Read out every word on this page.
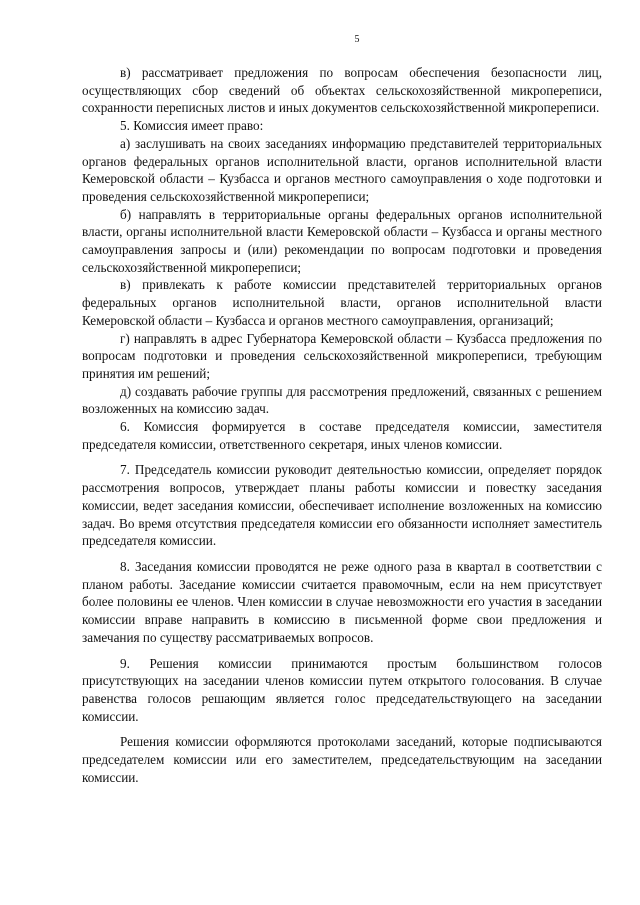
5

в) рассматривает предложения по вопросам обеспечения безопасности лиц, осуществляющих сбор сведений об объектах сельскохозяйственной микропереписи, сохранности переписных листов и иных документов сельскохозяйственной микропереписи.

5. Комиссия имеет право:

а) заслушивать на своих заседаниях информацию представителей территориальных органов федеральных органов исполнительной власти, органов исполнительной власти Кемеровской области – Кузбасса и органов местного самоуправления о ходе подготовки и проведения сельскохозяйственной микропереписи;

б) направлять в территориальные органы федеральных органов исполнительной власти, органы исполнительной власти Кемеровской области – Кузбасса и органы местного самоуправления запросы и (или) рекомендации по вопросам подготовки и проведения сельскохозяйственной микропереписи;

в) привлекать к работе комиссии представителей территориальных органов федеральных органов исполнительной власти, органов исполнительной власти Кемеровской области – Кузбасса и органов местного самоуправления, организаций;

г) направлять в адрес Губернатора Кемеровской области – Кузбасса предложения по вопросам подготовки и проведения сельскохозяйственной микропереписи, требующим принятия им решений;

д) создавать рабочие группы для рассмотрения предложений, связанных с решением возложенных на комиссию задач.

6. Комиссия формируется в составе председателя комиссии, заместителя председателя комиссии, ответственного секретаря, иных членов комиссии.

7. Председатель комиссии руководит деятельностью комиссии, определяет порядок рассмотрения вопросов, утверждает планы работы комиссии и повестку заседания комиссии, ведет заседания комиссии, обеспечивает исполнение возложенных на комиссию задач. Во время отсутствия председателя комиссии его обязанности исполняет заместитель председателя комиссии.

8. Заседания комиссии проводятся не реже одного раза в квартал в соответствии с планом работы. Заседание комиссии считается правомочным, если на нем присутствует более половины ее членов. Член комиссии в случае невозможности его участия в заседании комиссии вправе направить в комиссию в письменной форме свои предложения и замечания по существу рассматриваемых вопросов.

9. Решения комиссии принимаются простым большинством голосов присутствующих на заседании членов комиссии путем открытого голосования. В случае равенства голосов решающим является голос председательствующего на заседании комиссии.

Решения комиссии оформляются протоколами заседаний, которые подписываются председателем комиссии или его заместителем, председательствующим на заседании комиссии.
